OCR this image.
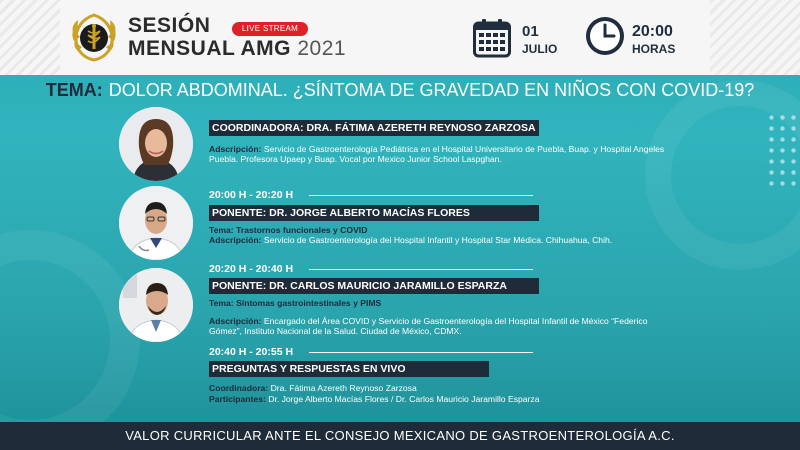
SESIÓN
MENSUAL AMG 2021
LIVE STREAM	01
JULIO
20:00
HORAS
TEMA: DOLOR ABDOMINAL. ¿SÍNTOMA DE GRAVEDAD EN NIÑOS CON COVID-19?
COORDINADORA: DRA. FÁTIMA AZERETH REYNOSO ZARZOSA
Adscripción: Servicio de Gastroenterología Pediátrica en el Hospital Universitario de Puebla, Buap. y Hospital Angeles Puebla. Profesora Upaep y Buap. Vocal por Mexico Junior School Laspghan.
20:00 H - 20:20 H
PONENTE: DR. JORGE ALBERTO MACÍAS FLORES
Tema: Trastornos funcionales y COVID
Adscripción: Servicio de Gastroenterología del Hospital Infantil y Hospital Star Médica. Chihuahua, Chih.
20:20 H - 20:40 H
PONENTE: DR. CARLOS MAURICIO JARAMILLO ESPARZA
Tema: Síntomas gastrointestinales y PIMS
Adscripción: Encargado del Área COVID y Servicio de Gastroenterología del Hospital Infantil de México “Federico Gómez”, Instituto Nacional de la Salud. Ciudad de México, CDMX.
20:40 H - 20:55 H
PREGUNTAS Y RESPUESTAS EN VIVO
Coordinadora: Dra. Fátima Azereth Reynoso Zarzosa
Participantes: Dr. Jorge Alberto Macías Flores / Dr. Carlos Mauricio Jaramillo Esparza
VALOR CURRICULAR ANTE EL CONSEJO MEXICANO DE GASTROENTEROLOGÍA A.C.
